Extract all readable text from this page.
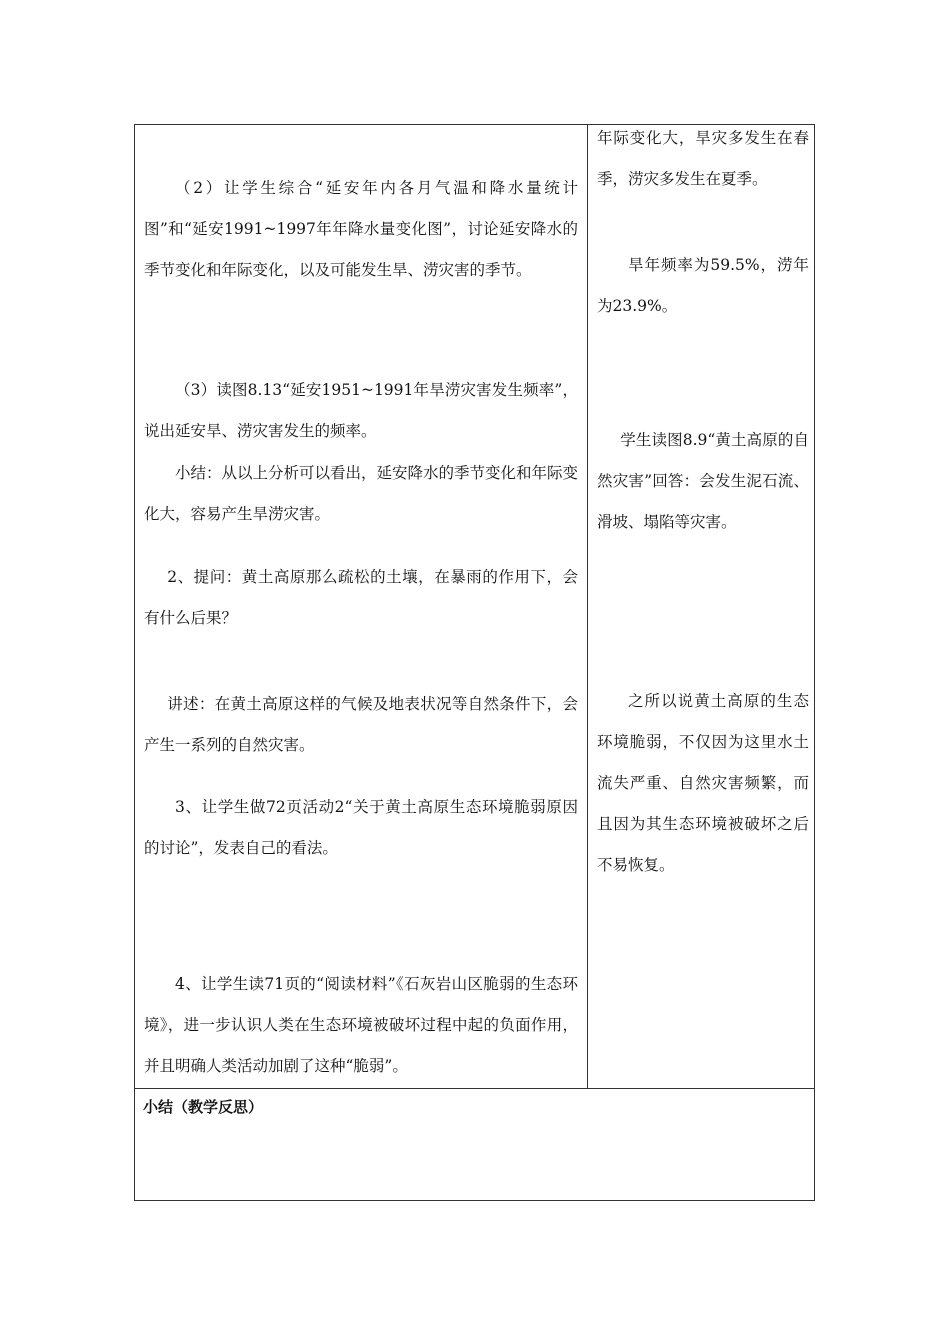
（2）让学生综合“延安年内各月气温和降水量统计图”和“延安1991~1997年年降水量变化图”，讨论延安降水的季节变化和年际变化，以及可能发生旱、涝灾害的季节。

（3）读图8.13“延安1951~1991年旱涝灾害发生频率”，说出延安旱、涝灾害发生的频率。

小结：从以上分析可以看出，延安降水的季节变化和年际变化大，容易产生旱涝灾害。

2、提问：黄土高原那么疏松的土壤，在暴雨的作用下，会有什么后果？

讲述：在黄土高原这样的气候及地表状况等自然条件下，会产生一系列的自然灾害。

3、让学生做72页活动2“关于黄土高原生态环境脆弱原因的讨论”，发表自己的看法。

4、让学生读71页的“阅读材料”《石灰岩山区脆弱的生态环境》，进一步认识人类在生态环境被破坏过程中起的负面作用，并且明确人类活动加剧了这种“脆弱”。

年际变化大，旱灾多发生在春季，涝灾多发生在夏季。

旱年频率为59.5%，涝年为23.9%。

学生读图8.9“黄土高原的自然灾害”回答：会发生泥石流、滑坡、塌陷等灾害。

之所以说黄土高原的生态环境脆弱，不仅因为这里水土流失严重、自然灾害频繁，而且因为其生态环境被破坏之后不易恢复。

小结（教学反思）
